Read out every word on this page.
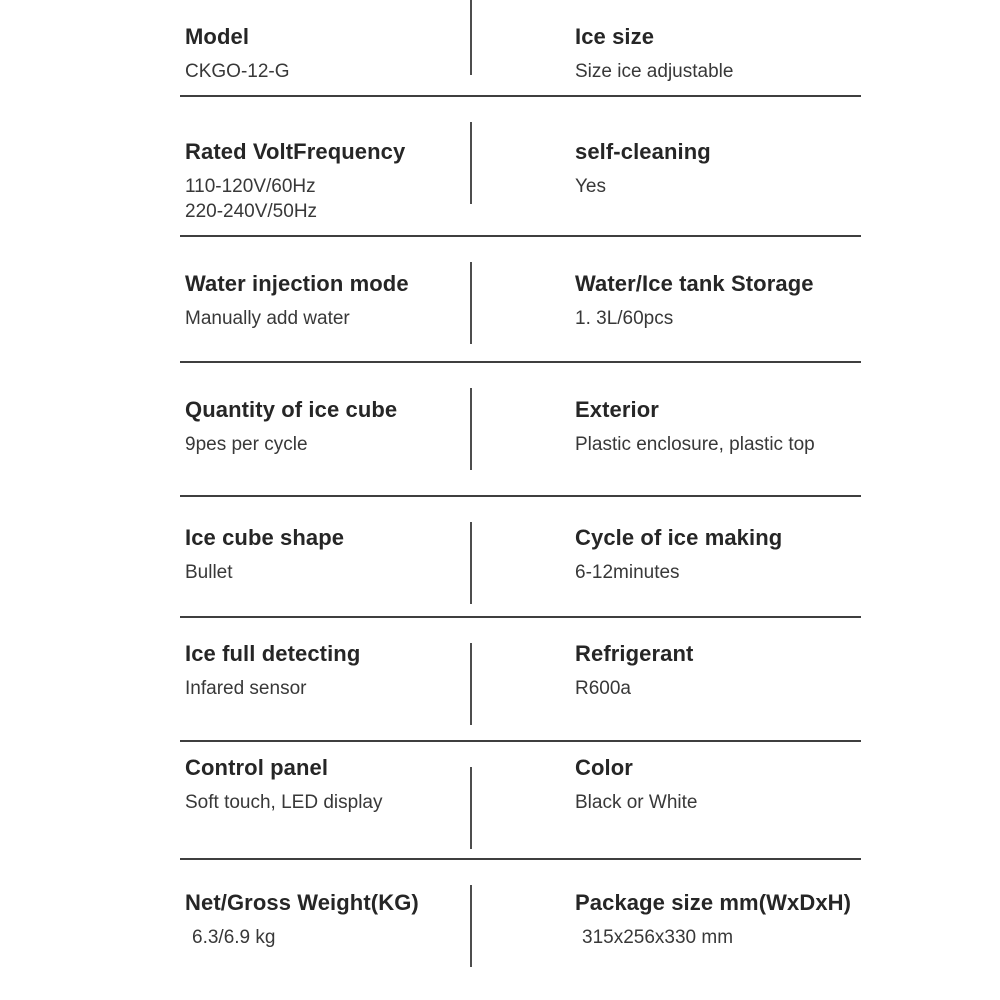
Model
CKGO-12-G
Ice size
Size ice adjustable
Rated VoltFrequency
110-120V/60Hz
220-240V/50Hz
self-cleaning
Yes
Water injection mode
Manually add water
Water/Ice tank Storage
1. 3L/60pcs
Quantity of ice cube
9pes per cycle
Exterior
Plastic enclosure, plastic top
Ice cube shape
Bullet
Cycle of ice making
6-12minutes
Ice full detecting
Infared sensor
Refrigerant
R600a
Control panel
Soft touch, LED display
Color
Black or White
Net/Gross Weight(KG)
6.3/6.9 kg
Package size mm(WxDxH)
315x256x330 mm
